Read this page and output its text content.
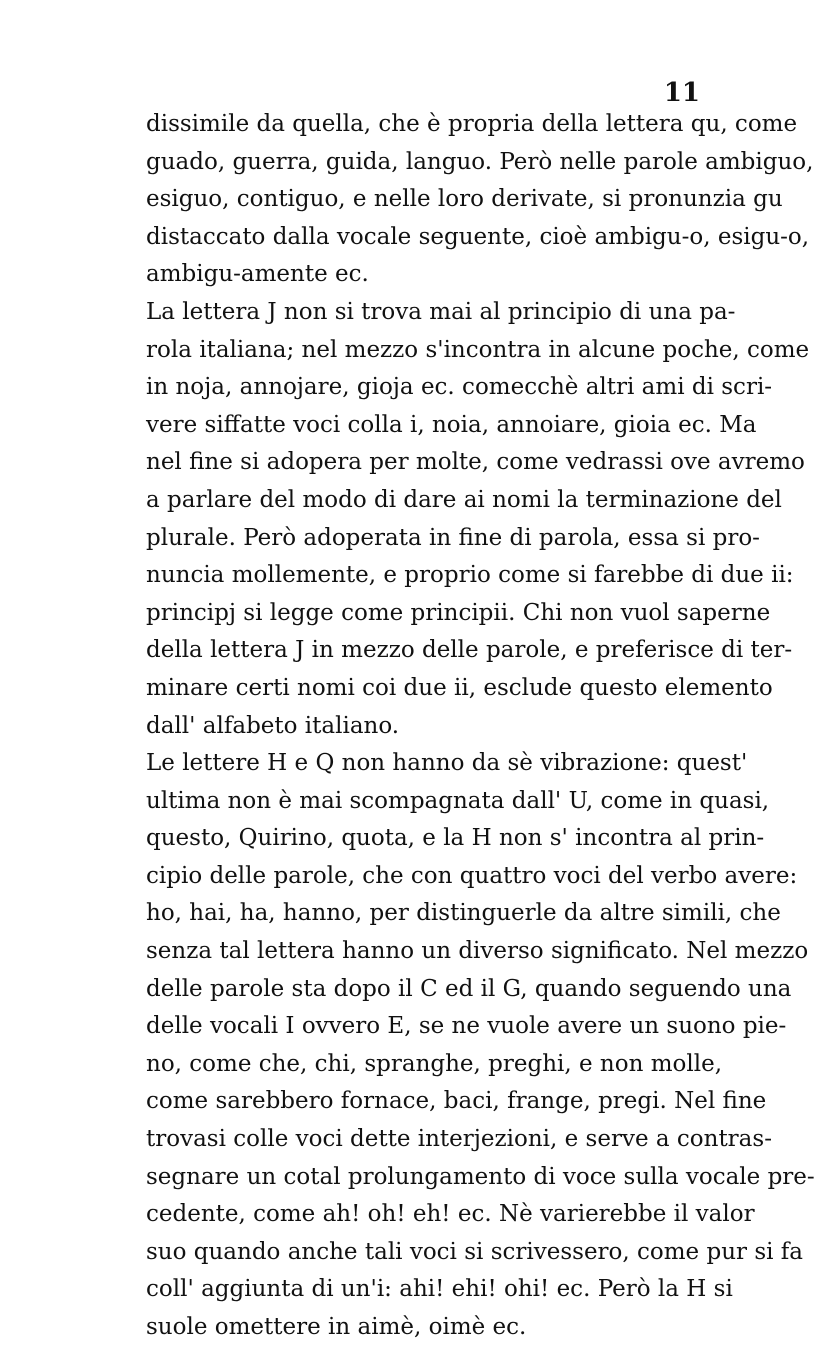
11
dissimile da quella, che è propria della lettera qu, come
guado, guerra, guida, languo. Però nelle parole ambiguo,
esiguo, contiguo, e nelle loro derivate, si pronunzia gu
distaccato dalla vocale seguente, cioè ambigu-o, esigu-o,
ambigu-amente ec.
La lettera J non si trova mai al principio di una pa-
rola italiana; nel mezzo s'incontra in alcune poche, come
in noja, annojare, gioja ec. comecchè altri ami di scri-
vere siffatte voci colla i, noia, annoiare, gioia ec. Ma
nel fine si adopera per molte, come vedrassi ove avremo
a parlare del modo di dare ai nomi la terminazione del
plurale. Però adoperata in fine di parola, essa si pro-
nuncia mollemente, e proprio come si farebbe di due ii:
principj si legge come principii. Chi non vuol saperne
della lettera J in mezzo delle parole, e preferisce di ter-
minare certi nomi coi due ii, esclude questo elemento
dall' alfabeto italiano.
Le lettere H e Q non hanno da sè vibrazione: quest'
ultima non è mai scompagnata dall' U, come in quasi,
questo, Quirino, quota, e la H non s' incontra al prin-
cipio delle parole, che con quattro voci del verbo avere:
ho, hai, ha, hanno, per distinguerle da altre simili, che
senza tal lettera hanno un diverso significato. Nel mezzo
delle parole sta dopo il C ed il G, quando seguendo una
delle vocali I ovvero E, se ne vuole avere un suono pie-
no, come che, chi, spranghe, preghi, e non molle,
come sarebbero fornace, baci, frange, pregi. Nel fine
trovasi colle voci dette interjezioni, e serve a contras-
segnare un cotal prolungamento di voce sulla vocale pre-
cedente, come ah! oh! eh! ec. Nè varierebbe il valor
suo quando anche tali voci si scrivessero, come pur si fa
coll' aggiunta di un'i: ahi! ehi! ohi! ec. Però la H si
suole omettere in aimè, oimè ec.
